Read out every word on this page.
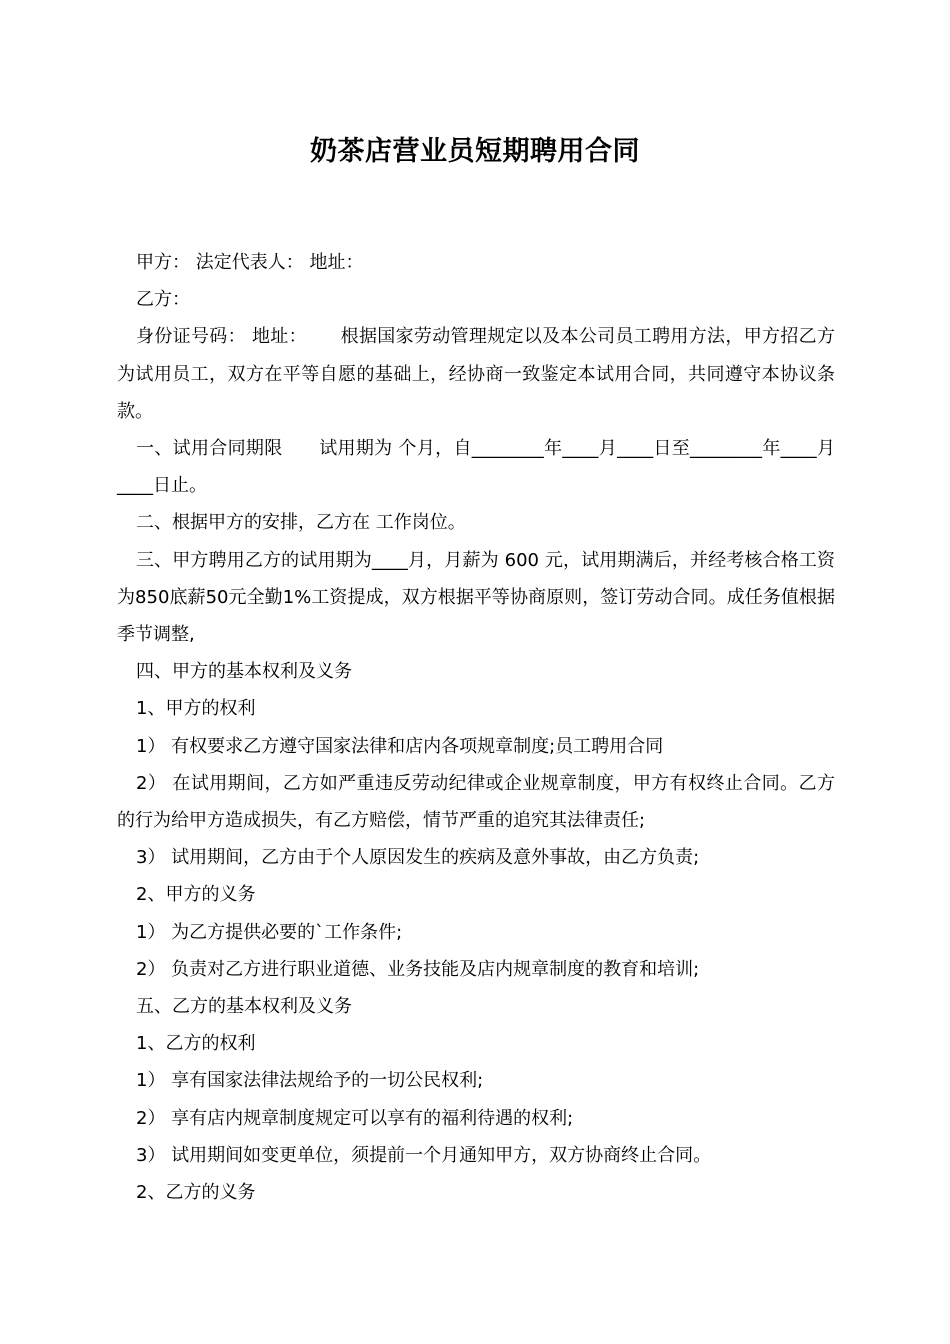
奶茶店营业员短期聘用合同

甲方： 法定代表人： 地址：

乙方：

身份证号码： 地址：　　 根据国家劳动管理规定以及本公司员工聘用方法，甲方招乙方为试用员工，双方在平等自愿的基础上，经协商一致鉴定本试用合同，共同遵守本协议条款。

一、试用合同期限　　试用期为 个月，自________年____月____日至________年____月____日止。

二、根据甲方的安排，乙方在 工作岗位。

三、甲方聘用乙方的试用期为____月，月薪为 600 元，试用期满后，并经考核合格工资为850底薪50元全勤1%工资提成，双方根据平等协商原则，签订劳动合同。成任务值根据季节调整,

四、甲方的基本权利及义务

1、甲方的权利

1） 有权要求乙方遵守国家法律和店内各项规章制度;员工聘用合同

2） 在试用期间，乙方如严重违反劳动纪律或企业规章制度，甲方有权终止合同。乙方的行为给甲方造成损失，有乙方赔偿，情节严重的追究其法律责任;

3） 试用期间，乙方由于个人原因发生的疾病及意外事故，由乙方负责;

2、甲方的义务

1） 为乙方提供必要的`工作条件;

2） 负责对乙方进行职业道德、业务技能及店内规章制度的教育和培训;

五、乙方的基本权利及义务

1、乙方的权利

1） 享有国家法律法规给予的一切公民权利;

2） 享有店内规章制度规定可以享有的福利待遇的权利;

3） 试用期间如变更单位，须提前一个月通知甲方，双方协商终止合同。

2、乙方的义务
